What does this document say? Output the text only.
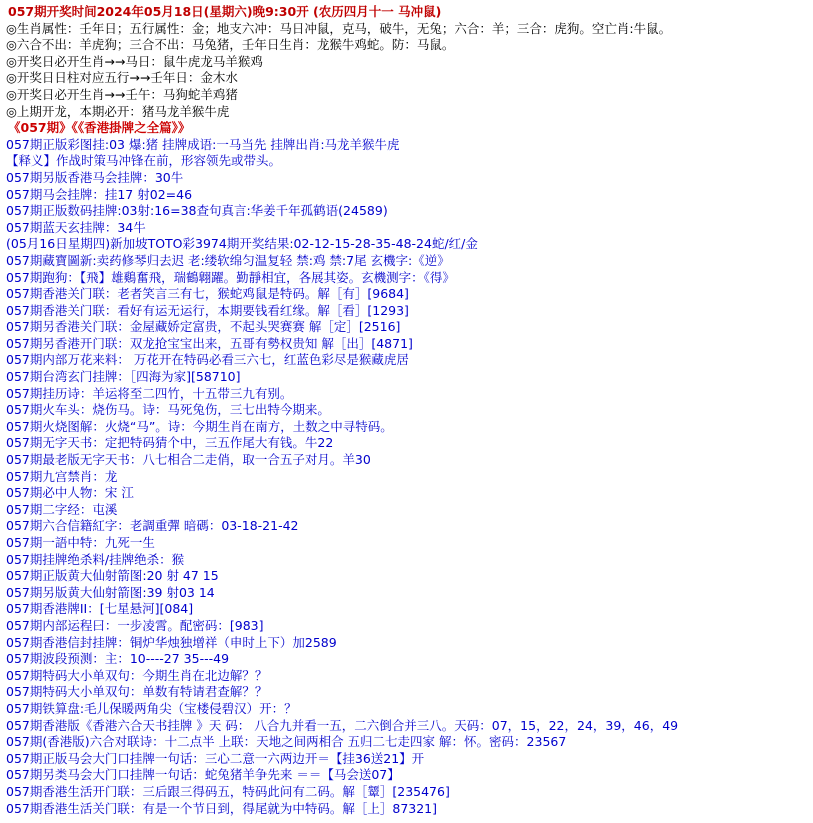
057期开奖时间2024年05月18日(星期六)晚9:30开 (农历四月十一 马冲鼠)
◎生肖属性：壬年日；五行属性：金；地支六冲：马日冲鼠，克马，破牛，无兔；六合：羊；三合：虎狗。空亡肖:牛鼠。
◎六合不出：羊虎狗；三合不出：马兔猪，壬年日生肖：龙猴牛鸡蛇。防：马鼠。
◎开奖日必开生肖→→马日：鼠牛虎龙马羊猴鸡
◎开奖日日柱对应五行→→壬年日：金木水
◎开奖日必开生肖→→壬午：马狗蛇羊鸡猪
◎上期开龙，本期必开：猪马龙羊猴牛虎
《057期》《《香港掛牌之全篇》》
057期正版彩图挂:03 爆:猪 挂牌成语:一马当先 挂牌出肖:马龙羊猴牛虎
【释义】作战时策马冲锋在前，形容领先或带头。
057期另版香港马会挂牌：30牛
057期马会挂牌：挂17 射02=46
057期正版数码挂牌:03射:16=38查句真言:华姜千年孤鹤语(24589)
057期蓝天玄挂牌：34牛
(05月16日星期四)新加坡TOTO彩3974期开奖结果:02-12-15-28-35-48-24蛇/红/金
057期藏寶圖新:卖药修琴归去迟 老:缕软绵匀温复轻 禁:鸡 禁:7尾 玄機字:《逆》
057期跑狗：【飛】雄鷄奮飛，瑞鶴翺躍。勤靜相宜，各展其姿。玄機测字：《得》
057期香港关门联：老者笑言三有七，猴蛇鸡鼠是特码。解［有］[9684]
057期香港关门联：看好有运无运行，本期要钱看红缘。解［看］[1293]
057期另香港关门联：金屋藏娇定富贵，不起头哭赛赛 解［定］[2516]
057期另香港开门联：双龙抢宝宝出来，五哥有勢权贵知 解［出］[4871]
057期内部万花来料： 万花开在特码必看三六七，红蓝色彩尽是猴藏虎居
057期台湾玄门挂牌：［四海为家][58710]
057期挂历诗：羊运将至二四竹，十五带三九有别。
057期火车头：烧伤马。诗：马死兔伤，三七出特今期来。
057期火烧图解：火烧“马”。诗：今期生肖在南方，土数之中寻特码。
057期无字天书：定把特码猜个中，三五作尾大有钱。牛22
057期最老版无字天书：八七相合二走俏，取一合五子对月。羊30
057期九宫禁肖：龙
057期必中人物：宋 江
057期二字经：屯溪
057期六合信籍紅字：老調重彈 暗碼：03-18-21-42
057期一語中特：九死一生
057期挂牌绝杀料/挂牌绝杀：猴
057期正版黄大仙射箭图:20 射 47 15
057期另版黄大仙射箭图:39 射03 14
057期香港牌II：[七星悬河][084]
057期内部运程曰：一步凌霄。配密码：[983]
057期香港信封挂牌：铜炉华烛独增祥（申时上下）加2589
057期波段预测：主：10----27 35---49
057期特码大小单双句：今期生肖在北边解？？
057期特码大小单双句：单数有特请君查解？？
057期铁算盘:毛儿保暖两角尖（宝楼侵碧汉）开：？
057期香港版《香港六合天书挂牌 》天 码： 八合九并看一五，二六倒合并三八。天码：07，15，22，24，39，46，49
057期(香港版)六合对联诗：十二点半 上联：天地之间两相合 五归二七走四家 解：怀。密码：23567
057期正版马会大门口挂牌一句话：三心二意一六两边开＝【挂36送21】开
057期另类马会大门口挂牌一句话：蛇兔猪羊争先来 ＝＝【马会送07】
057期香港生活开门联：三后跟三得码五，特码此问有二码。解［颦］[235476]
057期香港生活关门联：有是一个节日到，得尾就为中特码。解［上］87321]
